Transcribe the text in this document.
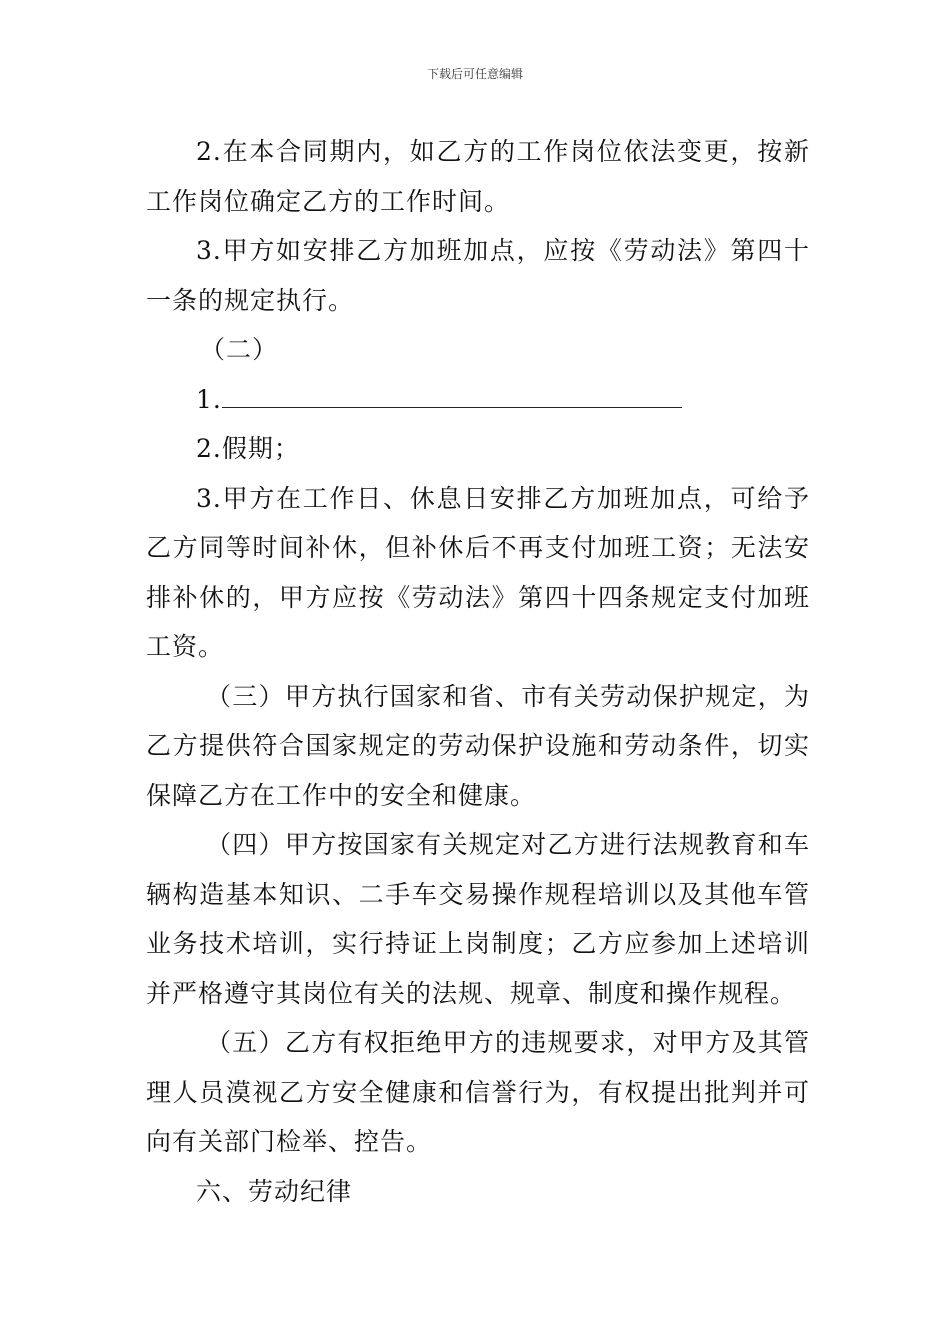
下载后可任意编辑

2.在本合同期内，如乙方的工作岗位依法变更，按新工作岗位确定乙方的工作时间。

3.甲方如安排乙方加班加点，应按《劳动法》第四十一条的规定执行。

（二）

1.

2.假期；

3.甲方在工作日、休息日安排乙方加班加点，可给予乙方同等时间补休，但补休后不再支付加班工资；无法安排补休的，甲方应按《劳动法》第四十四条规定支付加班工资。

（三）甲方执行国家和省、市有关劳动保护规定，为乙方提供符合国家规定的劳动保护设施和劳动条件，切实保障乙方在工作中的安全和健康。

（四）甲方按国家有关规定对乙方进行法规教育和车辆构造基本知识、二手车交易操作规程培训以及其他车管业务技术培训，实行持证上岗制度；乙方应参加上述培训并严格遵守其岗位有关的法规、规章、制度和操作规程。

（五）乙方有权拒绝甲方的违规要求，对甲方及其管理人员漠视乙方安全健康和信誉行为，有权提出批判并可向有关部门检举、控告。

六、劳动纪律
